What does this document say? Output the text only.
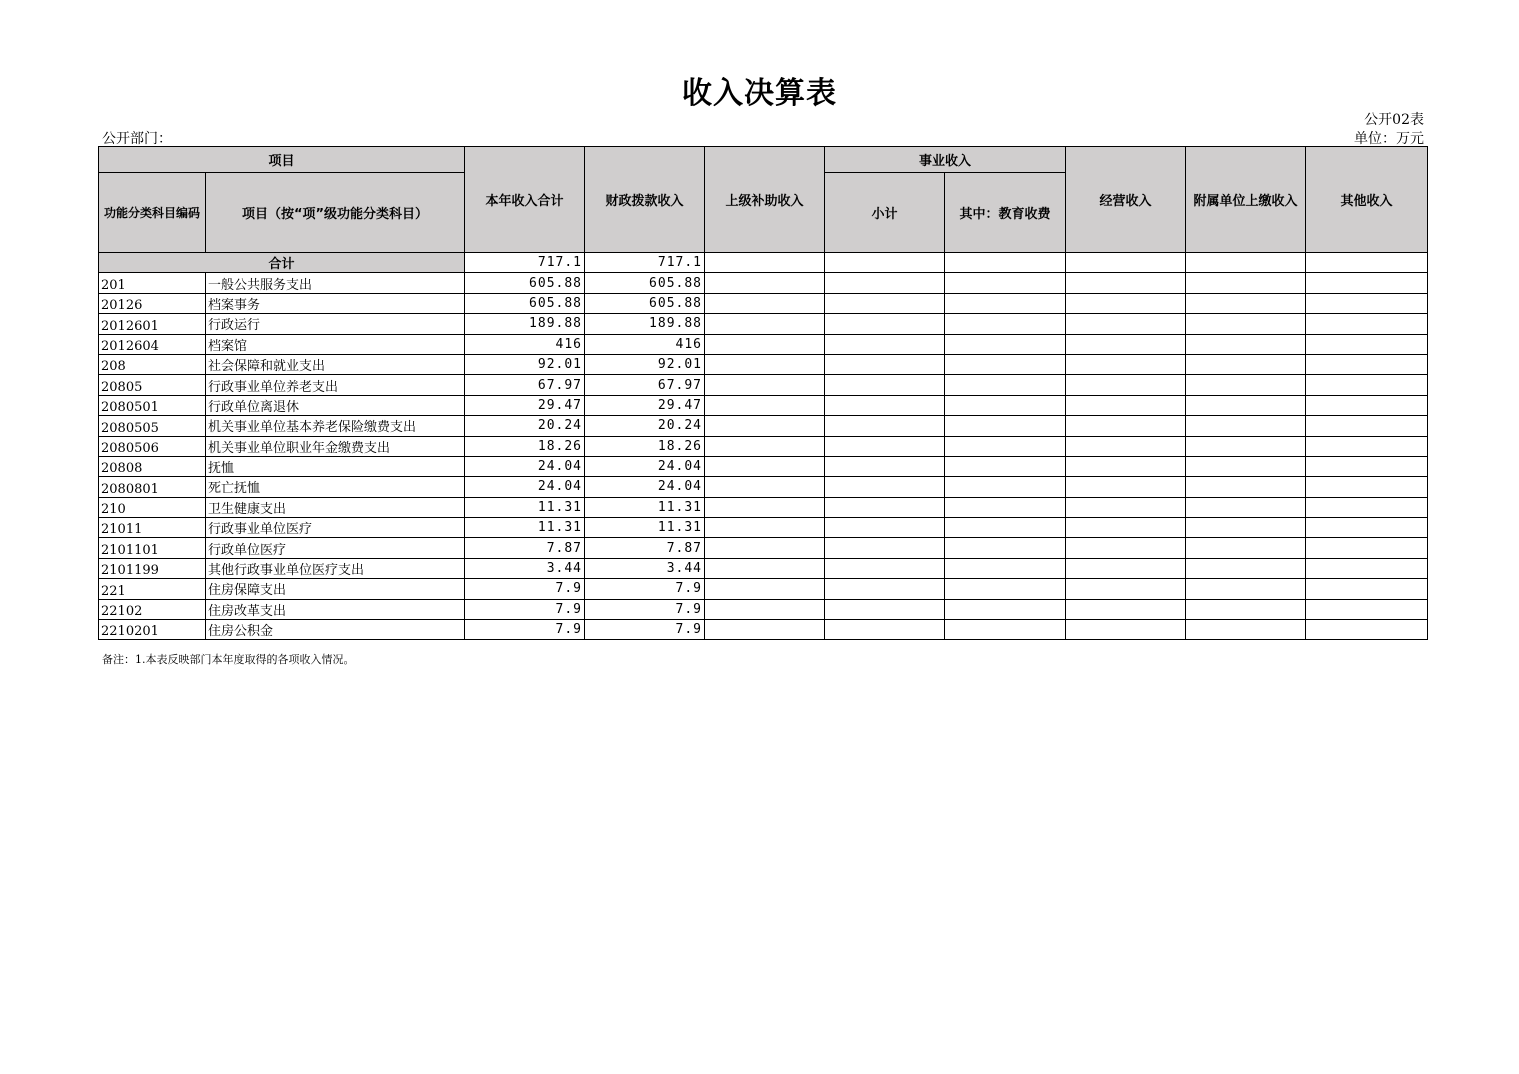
收入决算表
公开02表
公开部门：	单位：万元
项目		本年收入合计	财政拨款收入	上级补助收入	事业收入		经营收入	附属单位上缴收入	其他收入
功能分类科目编码	项目（按“项”级功能分类科目）				小计	其中：教育收费			
合计		717.1	717.1						
201	一般公共服务支出	605.88	605.88						
20126	档案事务	605.88	605.88						
2012601	行政运行	189.88	189.88						
2012604	档案馆	416	416						
208	社会保障和就业支出	92.01	92.01						
20805	行政事业单位养老支出	67.97	67.97						
2080501	行政单位离退休	29.47	29.47						
2080505	机关事业单位基本养老保险缴费支出	20.24	20.24						
2080506	机关事业单位职业年金缴费支出	18.26	18.26						
20808	抚恤	24.04	24.04						
2080801	死亡抚恤	24.04	24.04						
210	卫生健康支出	11.31	11.31						
21011	行政事业单位医疗	11.31	11.31						
2101101	行政单位医疗	7.87	7.87						
2101199	其他行政事业单位医疗支出	3.44	3.44						
221	住房保障支出	7.9	7.9						
22102	住房改革支出	7.9	7.9						
2210201	住房公积金	7.9	7.9						
备注：1.本表反映部门本年度取得的各项收入情况。
